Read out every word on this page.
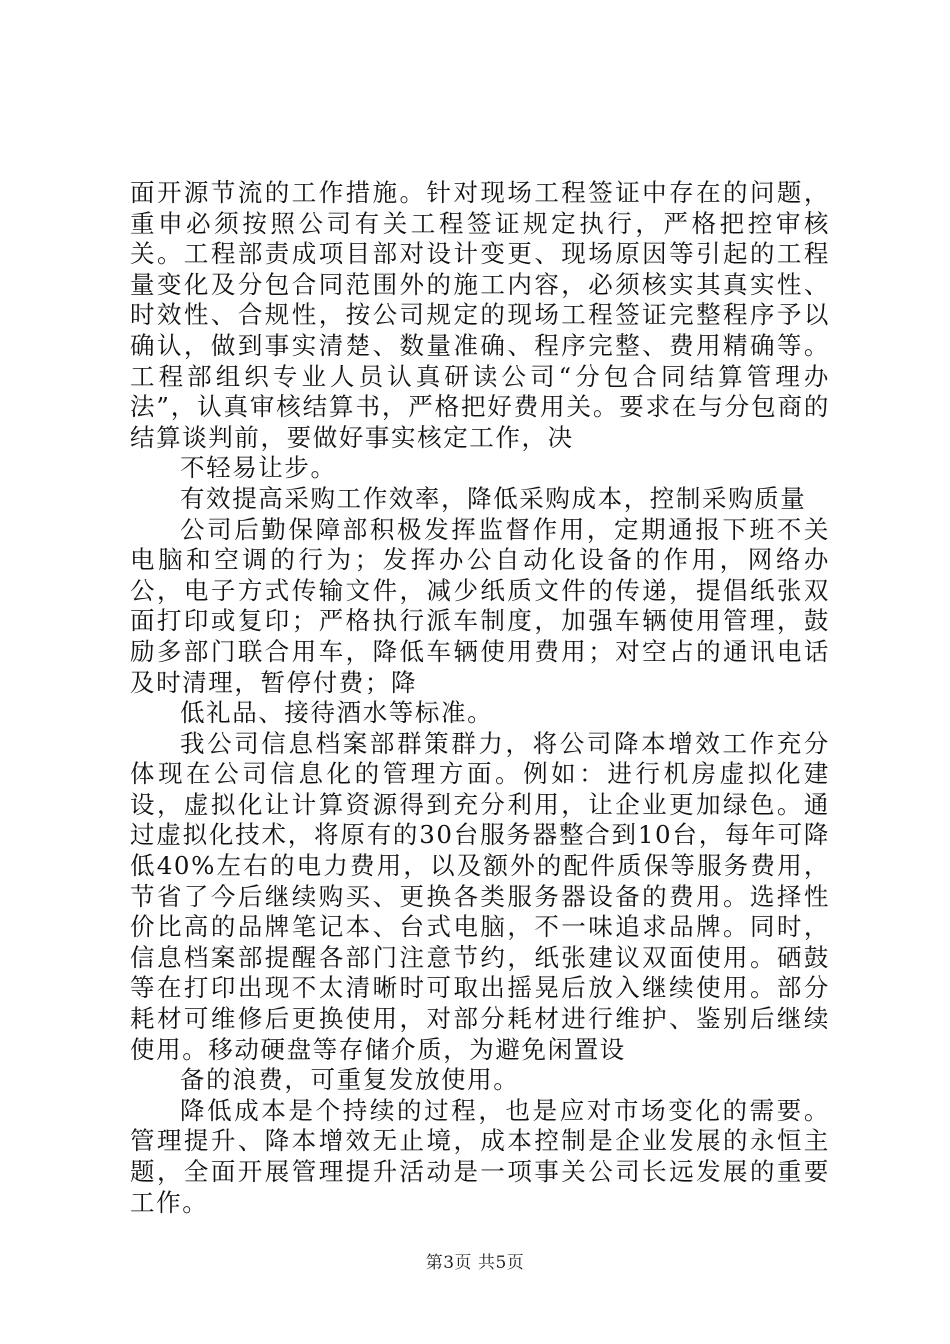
面开源节流的工作措施。针对现场工程签证中存在的问题，重申必须按照公司有关工程签证规定执行，严格把控审核关。工程部责成项目部对设计变更、现场原因等引起的工程量变化及分包合同范围外的施工内容，必须核实其真实性、时效性、合规性，按公司规定的现场工程签证完整程序予以确认，做到事实清楚、数量准确、程序完整、费用精确等。工程部组织专业人员认真研读公司“分包合同结算管理办法”，认真审核结算书，严格把好费用关。要求在与分包商的结算谈判前，要做好事实核定工作，决

不轻易让步。

有效提高采购工作效率，降低采购成本，控制采购质量

公司后勤保障部积极发挥监督作用，定期通报下班不关电脑和空调的行为；发挥办公自动化设备的作用，网络办公，电子方式传输文件，减少纸质文件的传递，提倡纸张双面打印或复印；严格执行派车制度，加强车辆使用管理，鼓励多部门联合用车，降低车辆使用费用；对空占的通讯电话及时清理，暂停付费；降

低礼品、接待酒水等标准。

我公司信息档案部群策群力，将公司降本增效工作充分体现在公司信息化的管理方面。例如：进行机房虚拟化建设，虚拟化让计算资源得到充分利用，让企业更加绿色。通过虚拟化技术，将原有的30台服务器整合到10台，每年可降低40%左右的电力费用，以及额外的配件质保等服务费用，节省了今后继续购买、更换各类服务器设备的费用。选择性价比高的品牌笔记本、台式电脑，不一味追求品牌。同时，信息档案部提醒各部门注意节约，纸张建议双面使用。硒鼓等在打印出现不太清晰时可取出摇晃后放入继续使用。部分耗材可维修后更换使用，对部分耗材进行维护、鉴别后继续使用。移动硬盘等存储介质，为避免闲置设

备的浪费，可重复发放使用。

降低成本是个持续的过程，也是应对市场变化的需要。管理提升、降本增效无止境，成本控制是企业发展的永恒主题，全面开展管理提升活动是一项事关公司长远发展的重要工作。

第3页 共5页
